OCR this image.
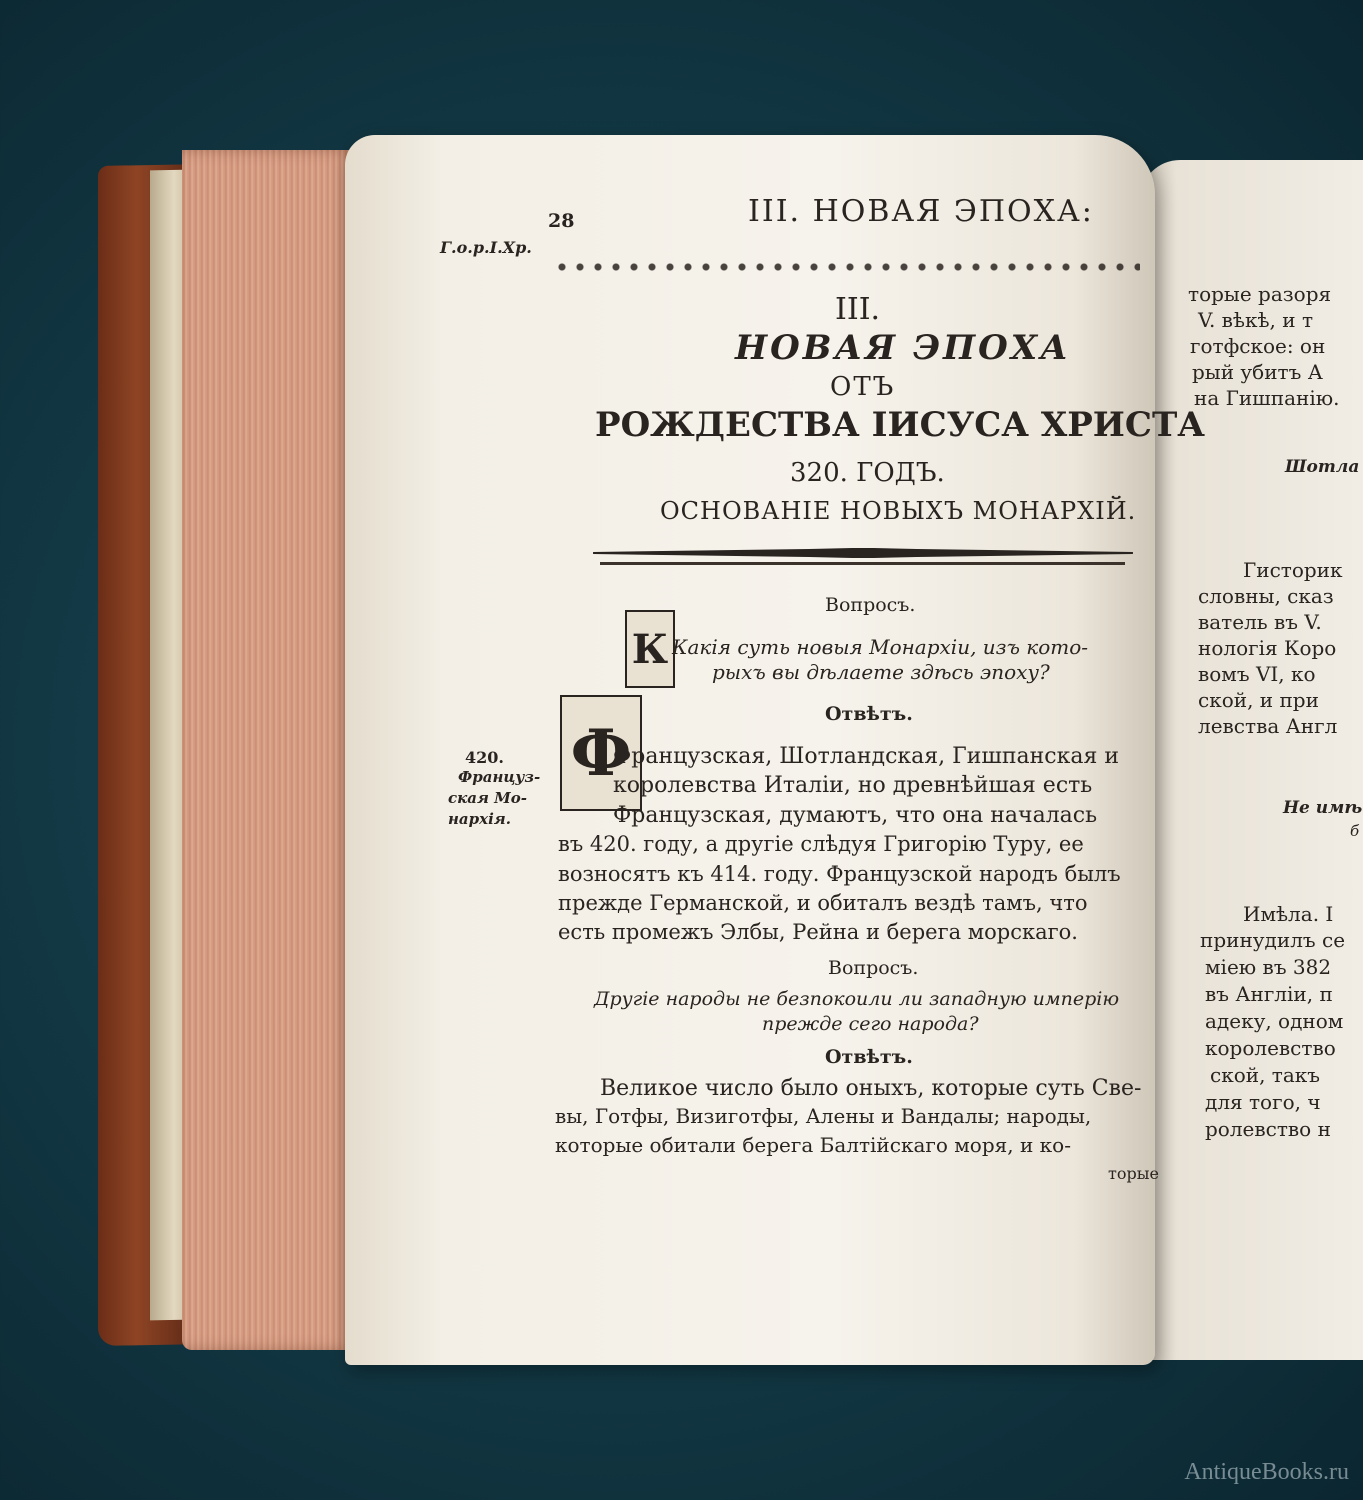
28	III. НОВАЯ ЭПОХА:
Г.о.р.І.Хр.
III.
НОВАЯ ЭПОХА
ОТЪ
РОЖДЕСТВА ІИСУСА ХРИСТА
320. ГОДЪ.
ОСНОВАНІЕ НОВЫХЪ МОНАРХІЙ.
Вопросъ.
К Какія суть новыя Монархіи, изъ кото-
рыхъ вы дѣлаете здѣсь эпоху?
Отвѣтъ.
Ф
420.
Француз-
ская Мо-
нархія.
Французская, Шотландская, Гишпанская и
королевства Италіи, но древнѣйшая есть
Французская, думаютъ, что она началась
въ 420. году, а другіе слѣдуя Григорію Туру, ее
возносятъ къ 414. году. Французской народъ былъ
прежде Германской, и обиталъ вездѣ тамъ, что
есть промежъ Элбы, Рейна и берега морскаго.
Вопросъ.
Другіе народы не безпокоили ли западную имперію
прежде сего народа?
Отвѣтъ.
Великое число было оныхъ, которые суть Све-
вы, Готфы, Визиготфы, Алены и Вандалы; народы,
которые обитали берега Балтійскаго моря, и ко-
торые
торые разоря
V. вѣкѣ, и т
готфское: он
рый убитъ А
на Гишпанію.
Шотла
Гисторик
словны, сказ
ватель въ V.
нологія Коро
вомъ VI, ко
ской, и при
левства Англ
Не имѣ
б
Имѣла. І
принудилъ се
міею въ 382
въ Англіи, п
адеку, одном
королевство
ской, такъ
для того, ч
ролевство н
AntiqueBooks.ru
